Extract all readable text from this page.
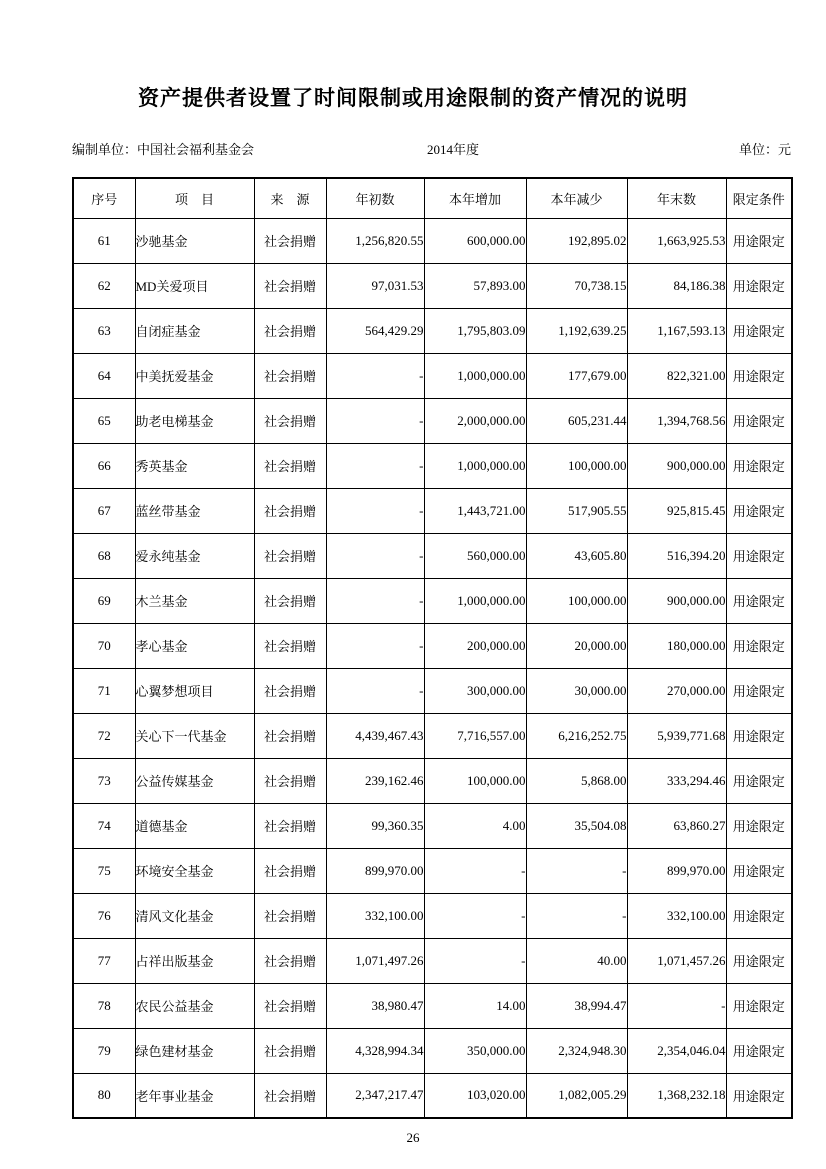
资产提供者设置了时间限制或用途限制的资产情况的说明
编制单位：中国社会福利基金会	2014年度	单位：元
序号	项　目	来　源	年初数	本年增加	本年减少	年末数	限定条件
61	沙驰基金	社会捐赠	1,256,820.55	600,000.00	192,895.02	1,663,925.53	用途限定
62	MD关爱项目	社会捐赠	97,031.53	57,893.00	70,738.15	84,186.38	用途限定
63	自闭症基金	社会捐赠	564,429.29	1,795,803.09	1,192,639.25	1,167,593.13	用途限定
64	中美抚爱基金	社会捐赠	-	1,000,000.00	177,679.00	822,321.00	用途限定
65	助老电梯基金	社会捐赠	-	2,000,000.00	605,231.44	1,394,768.56	用途限定
66	秀英基金	社会捐赠	-	1,000,000.00	100,000.00	900,000.00	用途限定
67	蓝丝带基金	社会捐赠	-	1,443,721.00	517,905.55	925,815.45	用途限定
68	爱永纯基金	社会捐赠	-	560,000.00	43,605.80	516,394.20	用途限定
69	木兰基金	社会捐赠	-	1,000,000.00	100,000.00	900,000.00	用途限定
70	孝心基金	社会捐赠	-	200,000.00	20,000.00	180,000.00	用途限定
71	心翼梦想项目	社会捐赠	-	300,000.00	30,000.00	270,000.00	用途限定
72	关心下一代基金	社会捐赠	4,439,467.43	7,716,557.00	6,216,252.75	5,939,771.68	用途限定
73	公益传媒基金	社会捐赠	239,162.46	100,000.00	5,868.00	333,294.46	用途限定
74	道德基金	社会捐赠	99,360.35	4.00	35,504.08	63,860.27	用途限定
75	环境安全基金	社会捐赠	899,970.00	-	-	899,970.00	用途限定
76	清风文化基金	社会捐赠	332,100.00	-	-	332,100.00	用途限定
77	占祥出版基金	社会捐赠	1,071,497.26	-	40.00	1,071,457.26	用途限定
78	农民公益基金	社会捐赠	38,980.47	14.00	38,994.47	-	用途限定
79	绿色建材基金	社会捐赠	4,328,994.34	350,000.00	2,324,948.30	2,354,046.04	用途限定
80	老年事业基金	社会捐赠	2,347,217.47	103,020.00	1,082,005.29	1,368,232.18	用途限定
26
